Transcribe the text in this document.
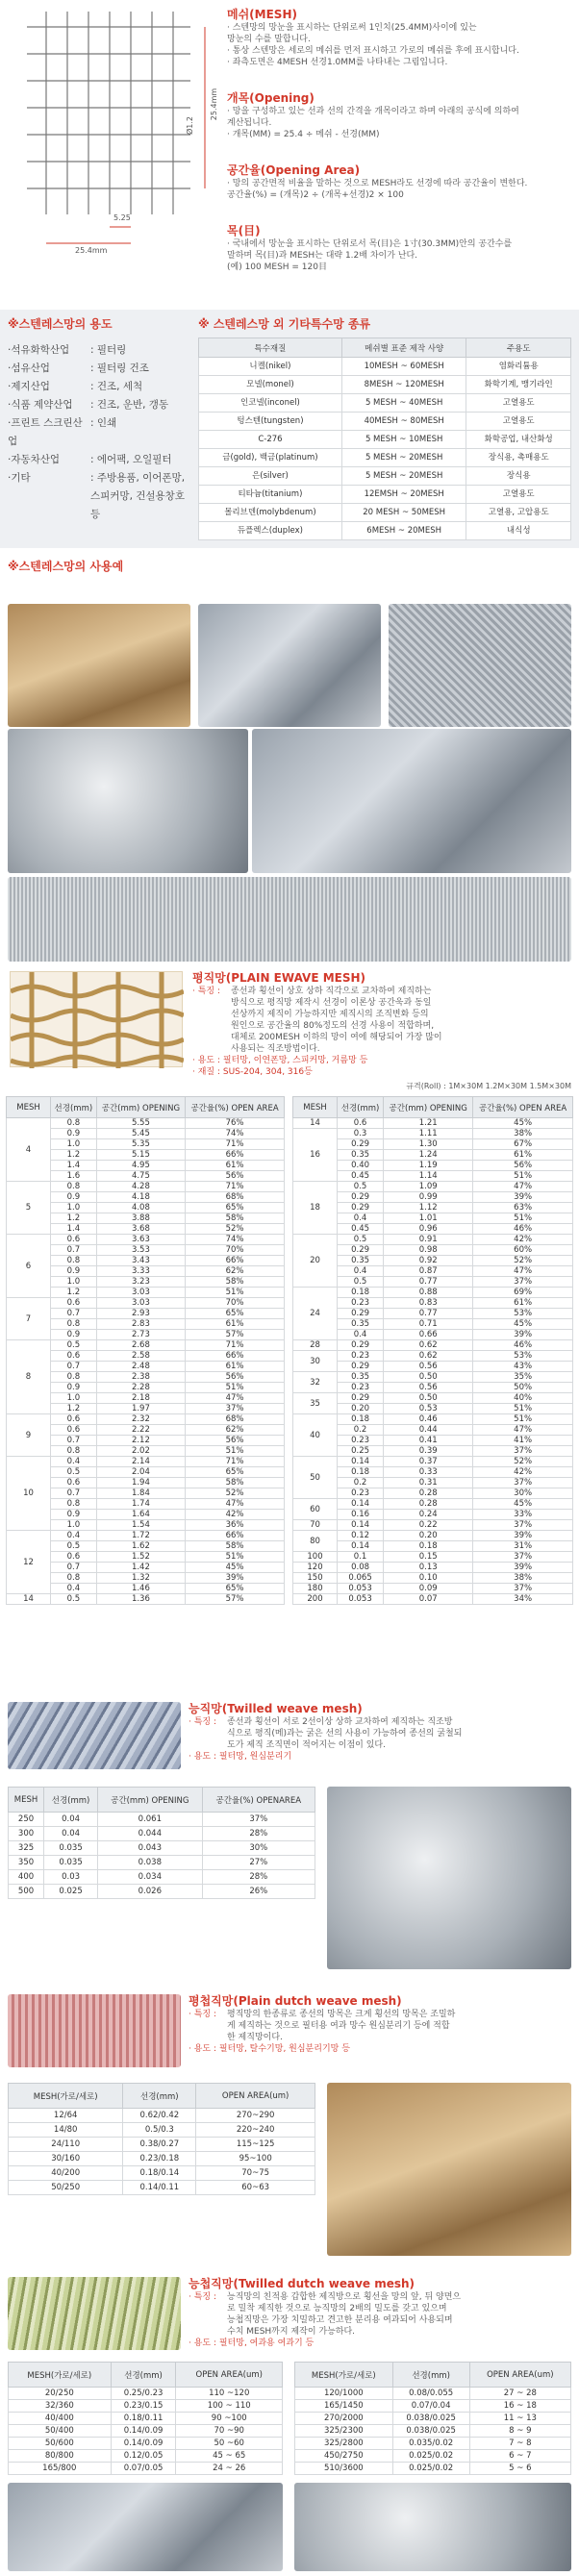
25.4mm
Ø1.2
5.25
25.4mm
메쉬(MESH)
· 스텐망의 망눈을 표시하는 단위로써 1인치(25.4MM)사이에 있는
망눈의 수를 말합니다.
· 통상 스텐망은 세로의 메쉬를 먼저 표시하고 가로의 메쉬를 후에 표시합니다.
· 좌측도면은 4MESH 선경1.0MM를 나타내는 그림입니다.
개목(Opening)
· 망을 구성하고 있는 선과 선의 간격을 개목이라고 하며 아래의 공식에 의하여
계산됩니다.
· 개목(MM) = 25.4 ÷ 메쉬 - 선경(MM)
공간율(Opening Area)
· 망의 공간면적 비율을 말하는 것으로 MESH라도 선경에 따라 공간율이 변한다.
공간율(%) = (개목)2 ÷ (개목+선경)2 × 100
목(目)
· 국내에서 망눈을 표시하는 단위로서 목(目)은 1寸(30.3MM)안의 공간수를
말하며 목(目)과 MESH는 대략 1.2배 차이가 난다.
(예) 100 MESH = 120目
※스텐레스망의 용도
·석유화학산업	: 필터링
·섬유산업	: 필터링 건조
·제지산업	: 건조, 세척
·식품 제약산업	: 건조, 운반, 갱동
·프린트 스크린산업
: 인쇄
·자동차산업	: 에어팩, 오일필터
·기타	: 주방용품, 이어폰망,
스피커망, 건설용창호 등
※ 스텐레스망 외 기타특수망 종류
특수재질	메쉬별 표준 제작 사양	주용도
니켈(nikel)	10MESH ~ 60MESH	염화리튬용
모넬(monel)	8MESH ~ 120MESH	화학기계, 맹기라인
인코넬(inconel)	5 MESH ~ 40MESH	고열용도
텅스텐(tungsten)	40MESH ~ 80MESH	고열용도
C-276	5 MESH ~ 10MESH	화학공업, 내산화성
금(gold), 백금(platinum)	5 MESH ~ 20MESH	장식용, 촉매용도
은(silver)	5 MESH ~ 20MESH	장식용
티타늄(titanium)	12EMSH ~ 20MESH	고열용도
몰리브덴(molybdenum)	20 MESH ~ 50MESH	고열용, 고압용도
듀플렉스(duplex)	6MESH ~ 20MESH	내식성
※스텐레스망의 사용예
평직망(PLAIN EWAVE MESH)
· 특징 :	종선과 횡선이 상호 상하 직각으로 교차하여 제직하는
방식으로 평직망 제작시 선경이 이론상 공간욱과 동일
선상까지 제직이 가능하지만 제직시의 조직변화 등의
원인으로 공간율의 80%정도의 선경 사용이 적합하며,
대체로 200MESH 이하의 망이 여에 해당되어 가장 많이
사용되는 직조방법이다.
· 용도 : 필터망, 이연폰망, 스피커망, 거름망 등
· 재질 : SUS-204, 304, 316등
규격(Roll) : 1M×30M 1.2M×30M 1.5M×30M
MESH	선경(mm)	공간(mm) OPENING	공간율(%) OPEN AREA
4	0.8	5.55	76%
	0.9	5.45	74%
	1.0	5.35	71%
	1.2	5.15	66%
	1.4	4.95	61%
	1.6	4.75	56%
5	0.8	4.28	71%
	0.9	4.18	68%
	1.0	4.08	65%
	1.2	3.88	58%
	1.4	3.68	52%
6	0.6	3.63	74%
	0.7	3.53	70%
	0.8	3.43	66%
	0.9	3.33	62%
	1.0	3.23	58%
	1.2	3.03	51%
7	0.6	3.03	70%
	0.7	2.93	65%
	0.8	2.83	61%
	0.9	2.73	57%
8	0.5	2.68	71%
	0.6	2.58	66%
	0.7	2.48	61%
	0.8	2.38	56%
	0.9	2.28	51%
	1.0	2.18	47%
	1.2	1.97	37%
9	0.6	2.32	68%
	0.6	2.22	62%
	0.7	2.12	56%
	0.8	2.02	51%
10	0.4	2.14	71%
	0.5	2.04	65%
	0.6	1.94	58%
	0.7	1.84	52%
	0.8	1.74	47%
	0.9	1.64	42%
	1.0	1.54	36%
12	0.4	1.72	66%
	0.5	1.62	58%
	0.6	1.52	51%
	0.7	1.42	45%
	0.8	1.32	39%
	0.4	1.46	65%
14	0.5	1.36	57%
MESH	선경(mm)	공간(mm) OPENING	공간율(%) OPEN AREA
14	0.6	1.21	45%
16	0.3	1.11	38%
	0.29	1.30	67%
	0.35	1.24	61%
	0.40	1.19	56%
	0.45	1.14	51%
18	0.5	1.09	47%
	0.29	0.99	39%
	0.29	1.12	63%
	0.4	1.01	51%
	0.45	0.96	46%
20	0.5	0.91	42%
	0.29	0.98	60%
	0.35	0.92	52%
	0.4	0.87	47%
	0.5	0.77	37%
24	0.18	0.88	69%
	0.23	0.83	61%
	0.29	0.77	53%
	0.35	0.71	45%
	0.4	0.66	39%
28	0.29	0.62	46%
30	0.23	0.62	53%
	0.29	0.56	43%
32	0.35	0.50	35%
	0.23	0.56	50%
35	0.29	0.50	40%
	0.20	0.53	51%
40	0.18	0.46	51%
	0.2	0.44	47%
	0.23	0.41	41%
	0.25	0.39	37%
50	0.14	0.37	52%
	0.18	0.33	42%
	0.2	0.31	37%
	0.23	0.28	30%
60	0.14	0.28	45%
	0.16	0.24	33%
70	0.14	0.22	37%
80	0.12	0.20	39%
	0.14	0.18	31%
100	0.1	0.15	37%
120	0.08	0.13	39%
150	0.065	0.10	38%
180	0.053	0.09	37%
200	0.053	0.07	34%
능직망(Twilled weave mesh)
· 특징 :	종선과 횡선이 서로 2선이상 상하 교차하여 제직하는 직조방
식으로 평직(메)과는 굵은 선의 사용이 가능하여 종선의 굵철되
도가 제직 조직면이 적어지는 이점이 있다.
· 용도 : 필터망, 원심분리기
MESH	선경(mm)	공간(mm) OPENING	공간율(%) OPENAREA
250	0.04	0.061	37%
300	0.04	0.044	28%
325	0.035	0.043	30%
350	0.035	0.038	27%
400	0.03	0.034	28%
500	0.025	0.026	26%
평첩직망(Plain dutch weave mesh)
· 특징 :	평직망의 한종류로 종선의 망목은 크게 횡선의 망목은 조밀하
게 제직하는 것으로 필터용 여과 망수 원심분리기 등에 적합
한 제직망이다.
· 용도 : 필터망, 탈수기망, 원심분리기망 등
MESH(가로/세로)	선경(mm)	OPEN AREA(um)
12/64	0.62/0.42	270~290
14/80	0.5/0.3	220~240
24/110	0.38/0.27	115~125
30/160	0.23/0.18	95~100
40/200	0.18/0.14	70~75
50/250	0.14/0.11	60~63
능첩직망(Twilled dutch weave mesh)
· 특징 :	능직망의 친적용 갑합한 제직방으로 횡선을 망의 앞, 뒤 양면으
로 밀착 제직한 것으로 능직망의 2배의 밀도를 갖고 있으며
능첩직망은 가장 치밀하고 견고한 분리용 여과되어 사용되며
수치 MESH까지 제작이 가능하다.
· 용도 : 필터망, 여과용 여과기 등
MESH(가로/세로)	선경(mm)	OPEN AREA(um)
20/250	0.25/0.23	110 ~120
32/360	0.23/0.15	100 ~ 110
40/400	0.18/0.11	90 ~100
50/400	0.14/0.09	70 ~90
50/600	0.14/0.09	50 ~60
80/800	0.12/0.05	45 ~ 65
165/800	0.07/0.05	24 ~ 26
MESH(가로/세로)	선경(mm)	OPEN AREA(um)
120/1000	0.08/0.055	27 ~ 28
165/1450	0.07/0.04	16 ~ 18
270/2000	0.038/0.025	11 ~ 13
325/2300	0.038/0.025	8 ~ 9
325/2800	0.035/0.02	7 ~ 8
450/2750	0.025/0.02	6 ~ 7
510/3600	0.025/0.02	5 ~ 6
